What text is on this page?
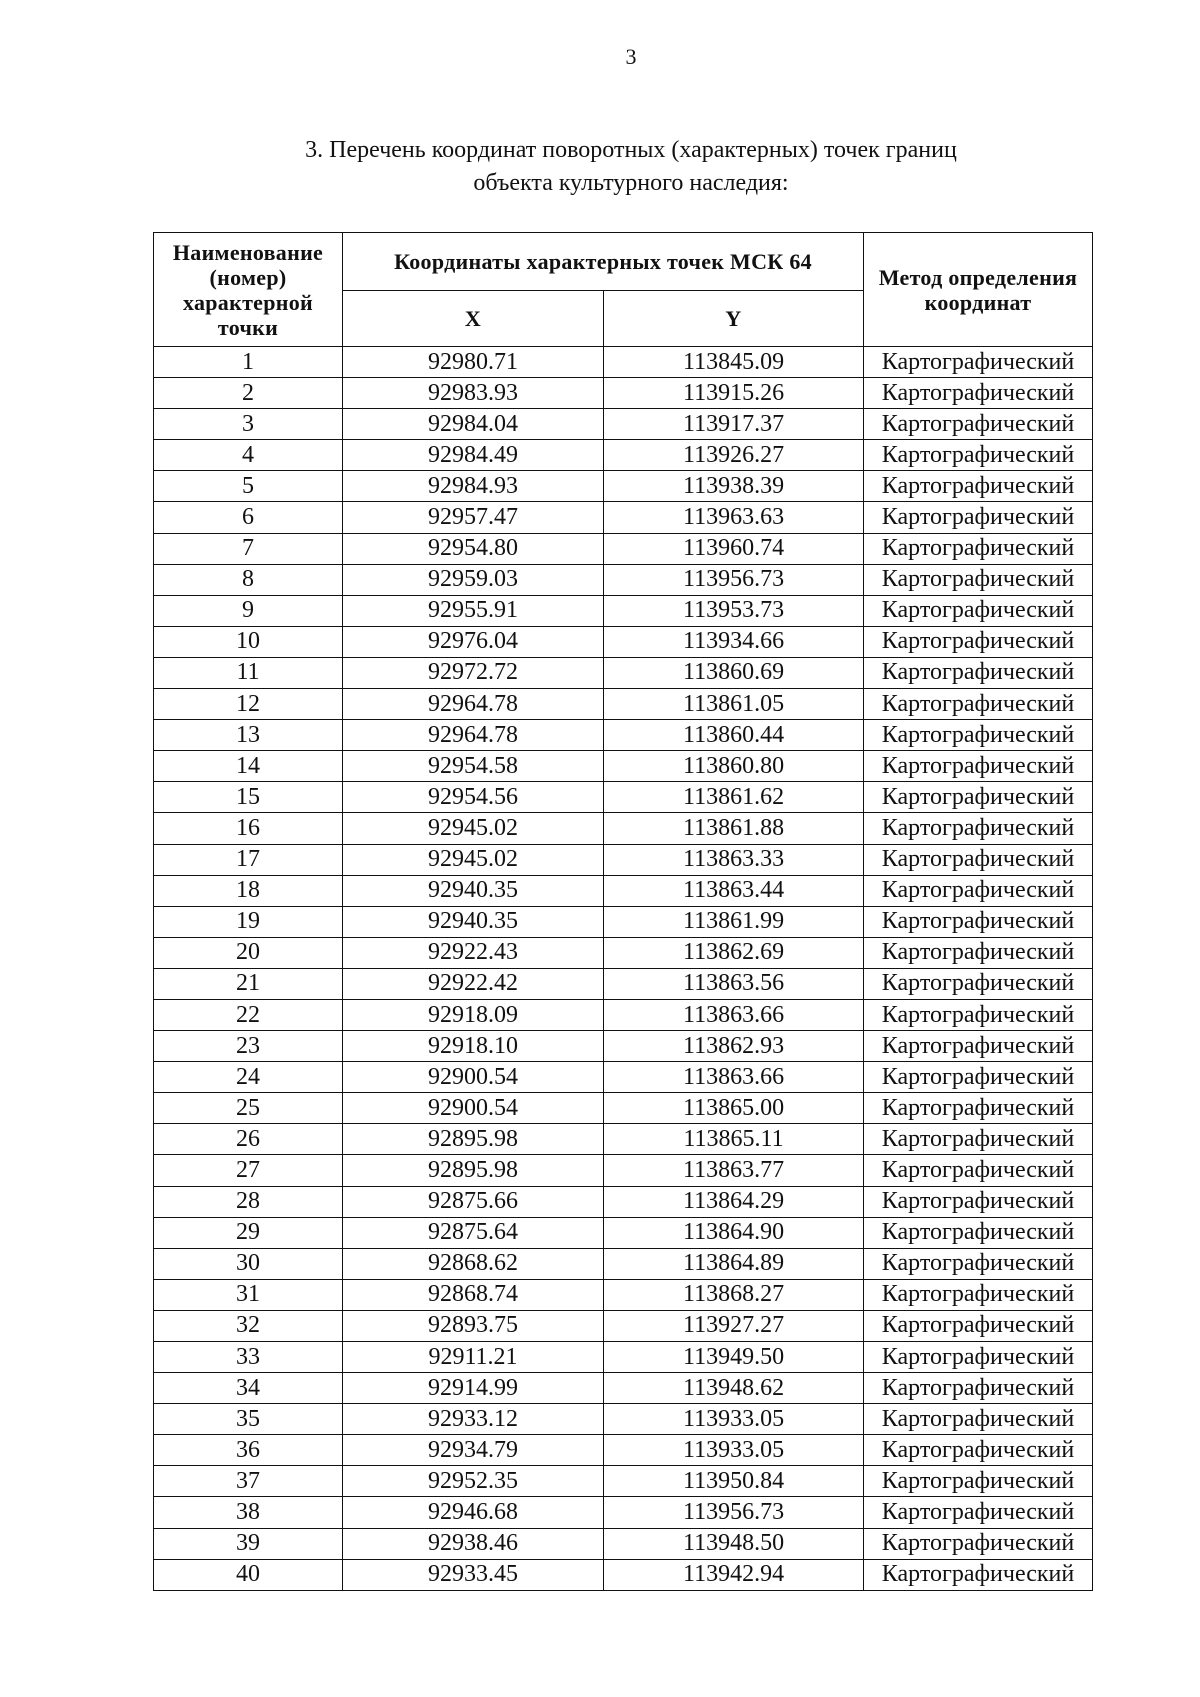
3
3. Перечень координат поворотных (характерных) точек границ
объекта культурного наследия:
Наименование (номер) характерной точки	Координаты характерных точек МСК 64		Метод определения координат
	X	Y	
1	92980.71	113845.09	Картографический
2	92983.93	113915.26	Картографический
3	92984.04	113917.37	Картографический
4	92984.49	113926.27	Картографический
5	92984.93	113938.39	Картографический
6	92957.47	113963.63	Картографический
7	92954.80	113960.74	Картографический
8	92959.03	113956.73	Картографический
9	92955.91	113953.73	Картографический
10	92976.04	113934.66	Картографический
11	92972.72	113860.69	Картографический
12	92964.78	113861.05	Картографический
13	92964.78	113860.44	Картографический
14	92954.58	113860.80	Картографический
15	92954.56	113861.62	Картографический
16	92945.02	113861.88	Картографический
17	92945.02	113863.33	Картографический
18	92940.35	113863.44	Картографический
19	92940.35	113861.99	Картографический
20	92922.43	113862.69	Картографический
21	92922.42	113863.56	Картографический
22	92918.09	113863.66	Картографический
23	92918.10	113862.93	Картографический
24	92900.54	113863.66	Картографический
25	92900.54	113865.00	Картографический
26	92895.98	113865.11	Картографический
27	92895.98	113863.77	Картографический
28	92875.66	113864.29	Картографический
29	92875.64	113864.90	Картографический
30	92868.62	113864.89	Картографический
31	92868.74	113868.27	Картографический
32	92893.75	113927.27	Картографический
33	92911.21	113949.50	Картографический
34	92914.99	113948.62	Картографический
35	92933.12	113933.05	Картографический
36	92934.79	113933.05	Картографический
37	92952.35	113950.84	Картографический
38	92946.68	113956.73	Картографический
39	92938.46	113948.50	Картографический
40	92933.45	113942.94	Картографический
